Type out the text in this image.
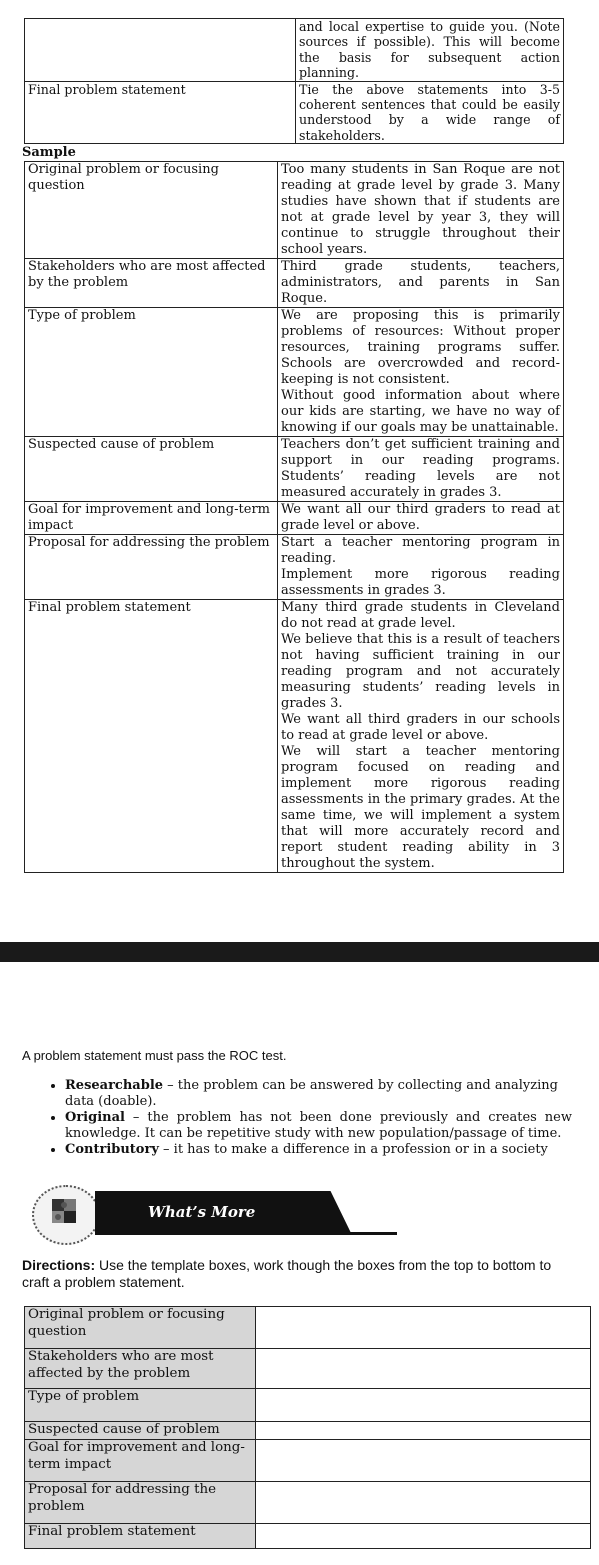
	and local expertise to guide you. (Note sources if possible). This will become the basis for subsequent action planning.
Final problem statement	Tie the above statements into 3-5 coherent sentences that could be easily understood by a wide range of stakeholders.
Sample
Original problem or focusing question	Too many students in San Roque are not reading at grade level by grade 3. Many studies have shown that if students are not at grade level by year 3, they will continue to struggle throughout their school years.
Stakeholders who are most affected by the problem	Third grade students, teachers, administrators, and parents in San Roque.
Type of problem	We are proposing this is primarily problems of resources: Without proper resources, training programs suffer. Schools are overcrowded and record- keeping is not consistent.
Without good information about where our kids are starting, we have no way of knowing if our goals may be unattainable.

Suspected cause of problem	Teachers don’t get sufficient training and support in our reading programs. Students’ reading levels are not measured accurately in grades 3.
Goal for improvement and long-term impact	We want all our third graders to read at grade level or above.
Proposal for addressing the problem	Start a teacher mentoring program in reading.
Implement more rigorous reading assessments in grades 3.

Final problem statement	Many third grade students in Cleveland do not read at grade level.
We believe that this is a result of teachers not having sufficient training in our reading program and not accurately measuring students’ reading levels in grades 3.
We want all third graders in our schools to read at grade level or above.
We will start a teacher mentoring program focused on reading and implement more rigorous reading assessments in the primary grades. At the same time, we will implement a system that will more accurately record and report student reading ability in 3 throughout the system.
A problem statement must pass the ROC test.
• Researchable – the problem can be answered by collecting and analyzing data (doable).
• Original – the problem has not been done previously and creates new knowledge. It can be repetitive study with new population/passage of time.
• Contributory – it has to make a difference in a profession or in a society
What’s More
Directions: Use the template boxes, work though the boxes from the top to bottom to craft a problem statement.
Original problem or focusing question	
Stakeholders who are most affected by the problem	
Type of problem	
Suspected cause of problem	
Goal for improvement and long-term impact	
Proposal for addressing the problem	
Final problem statement	
